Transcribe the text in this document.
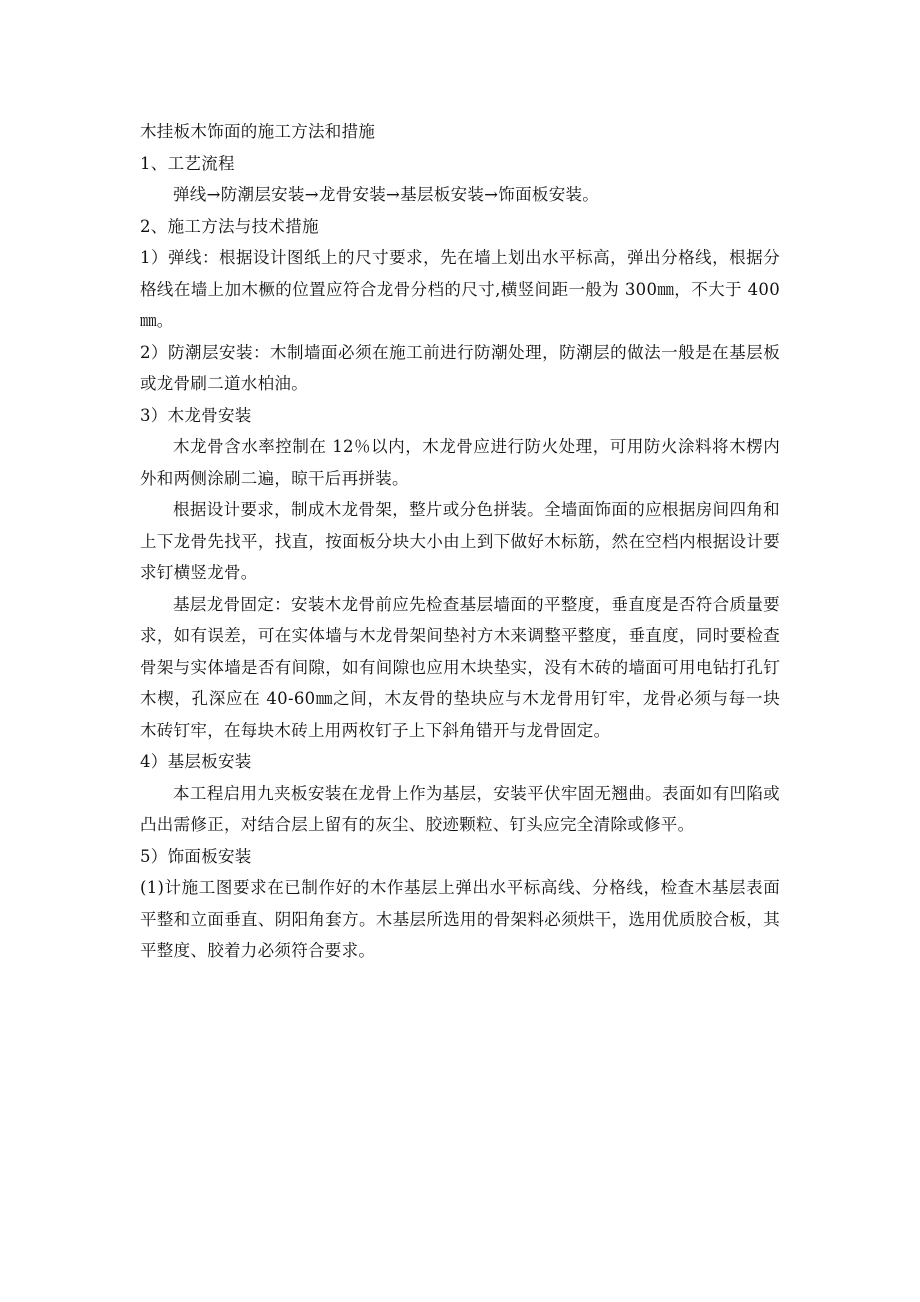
木挂板木饰面的施工方法和措施

1、工艺流程

弹线→防潮层安装→龙骨安装→基层板安装→饰面板安装。

2、施工方法与技术措施

1）弹线：根据设计图纸上的尺寸要求，先在墙上划出水平标高，弹出分格线，根据分格线在墙上加木橛的位置应符合龙骨分档的尺寸,横竖间距一般为 300㎜，不大于 400㎜。

2）防潮层安装：木制墙面必须在施工前进行防潮处理，防潮层的做法一般是在基层板或龙骨刷二道水柏油。

3）木龙骨安装

木龙骨含水率控制在 12％以内，木龙骨应进行防火处理，可用防火涂料将木楞内外和两侧涂刷二遍，晾干后再拼装。

根据设计要求，制成木龙骨架，整片或分色拼装。全墙面饰面的应根据房间四角和上下龙骨先找平，找直，按面板分块大小由上到下做好木标筋，然在空档内根据设计要求钉横竖龙骨。

基层龙骨固定：安装木龙骨前应先检查基层墙面的平整度，垂直度是否符合质量要求，如有误差，可在实体墙与木龙骨架间垫衬方木来调整平整度，垂直度，同时要检查骨架与实体墙是否有间隙，如有间隙也应用木块垫实，没有木砖的墙面可用电钻打孔钉木楔，孔深应在 40-60㎜之间，木友骨的垫块应与木龙骨用钉牢，龙骨必须与每一块木砖钉牢，在每块木砖上用两枚钉子上下斜角错开与龙骨固定。

4）基层板安装

本工程启用九夹板安装在龙骨上作为基层，安装平伏牢固无翘曲。表面如有凹陷或凸出需修正，对结合层上留有的灰尘、胶迹颗粒、钉头应完全清除或修平。

5）饰面板安装

(1)计施工图要求在已制作好的木作基层上弹出水平标高线、分格线，检查木基层表面平整和立面垂直、阴阳角套方。木基层所选用的骨架料必须烘干，选用优质胶合板，其平整度、胶着力必须符合要求。
